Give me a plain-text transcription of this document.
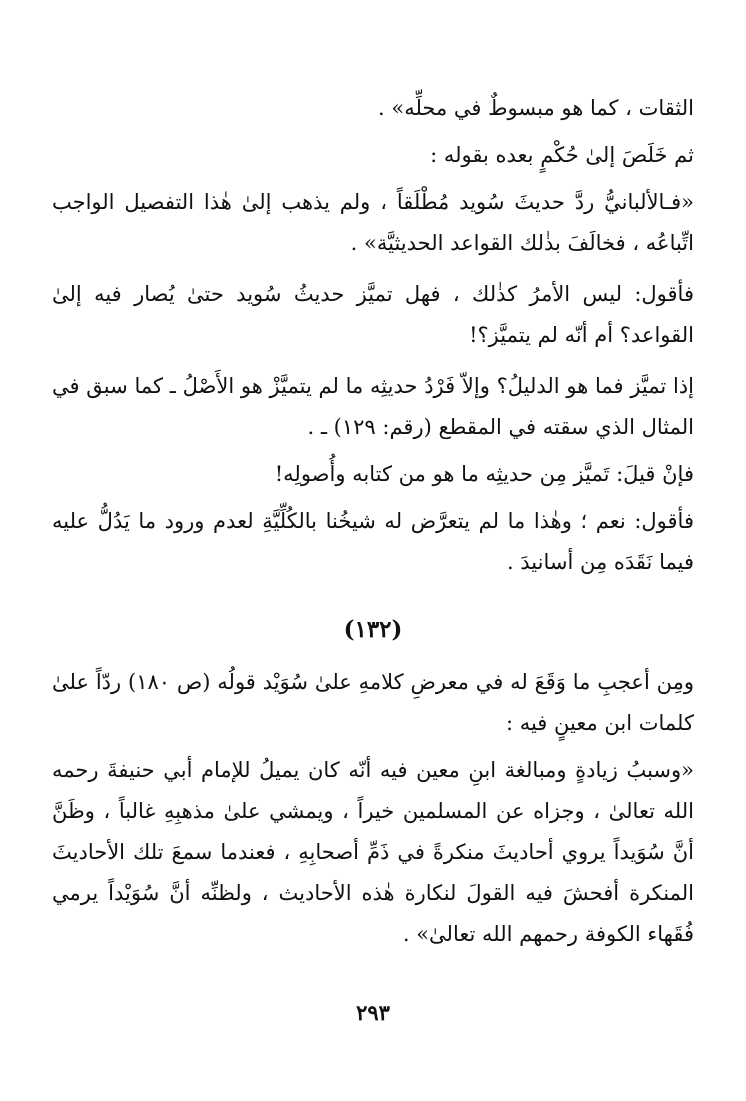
الثقات ، كما هو مبسوطٌ في محلِّه» .

ثم خَلَصَ إلىٰ حُكْمٍ بعده بقوله :

«فـالألبانيُّ ردَّ حديثَ سُويد مُطْلَقاً ، ولم يذهب إلىٰ هٰذا التفصيل الواجب اتِّباعُه ، فخالَفَ بذٰلك القواعد الحديثيَّة» .

فأقول: ليس الأمرُ كذٰلك ، فهل تميَّز حديثُ سُويد حتىٰ يُصار فيه إلىٰ القواعد؟ أم أنّه لم يتميَّز؟!

إذا تميَّز فما هو الدليلُ؟ وإلاّ فَرْدُ حديثِه ما لم يتميَّزْ هو الأَصْلُ ـ كما سبق في المثال الذي سقته في المقطع (رقم: ١٢٩) ـ .

فإنْ قيلَ: تَميَّز مِن حديثِه ما هو من كتابه وأُصولِه!

فأقول: نعم ؛ وهٰذا ما لم يتعرَّض له شيخُنا بالكُلِّيَّةِ لعدم ورود ما يَدُلُّ عليه فيما نَقَدَه مِن أسانيدَ .

(١٣٢)

ومِن أعجبِ ما وَقَعَ له في معرضِ كلامهِ علىٰ سُوَيْد قولُه (ص ١٨٠) ردّاً علىٰ كلمات ابن معينٍ فيه :

«وسببُ زيادةٍ ومبالغة ابنِ معين فيه أنّه كان يميلُ للإمام أبي حنيفةَ رحمه الله تعالىٰ ، وجزاه عن المسلمين خيراً ، ويمشي علىٰ مذهبِهِ غالباً ، وظَنَّ أنَّ سُوَيداً يروي أحاديثَ منكرةً في ذَمِّ أصحابِهِ ، فعندما سمعَ تلك الأحاديثَ المنكرة أفحشَ فيه القولَ لنكارة هٰذه الأحاديث ، ولظنِّه أنَّ سُوَيْداً يرمي فُقَهاء الكوفة رحمهم الله تعالىٰ» .

٢٩٣
